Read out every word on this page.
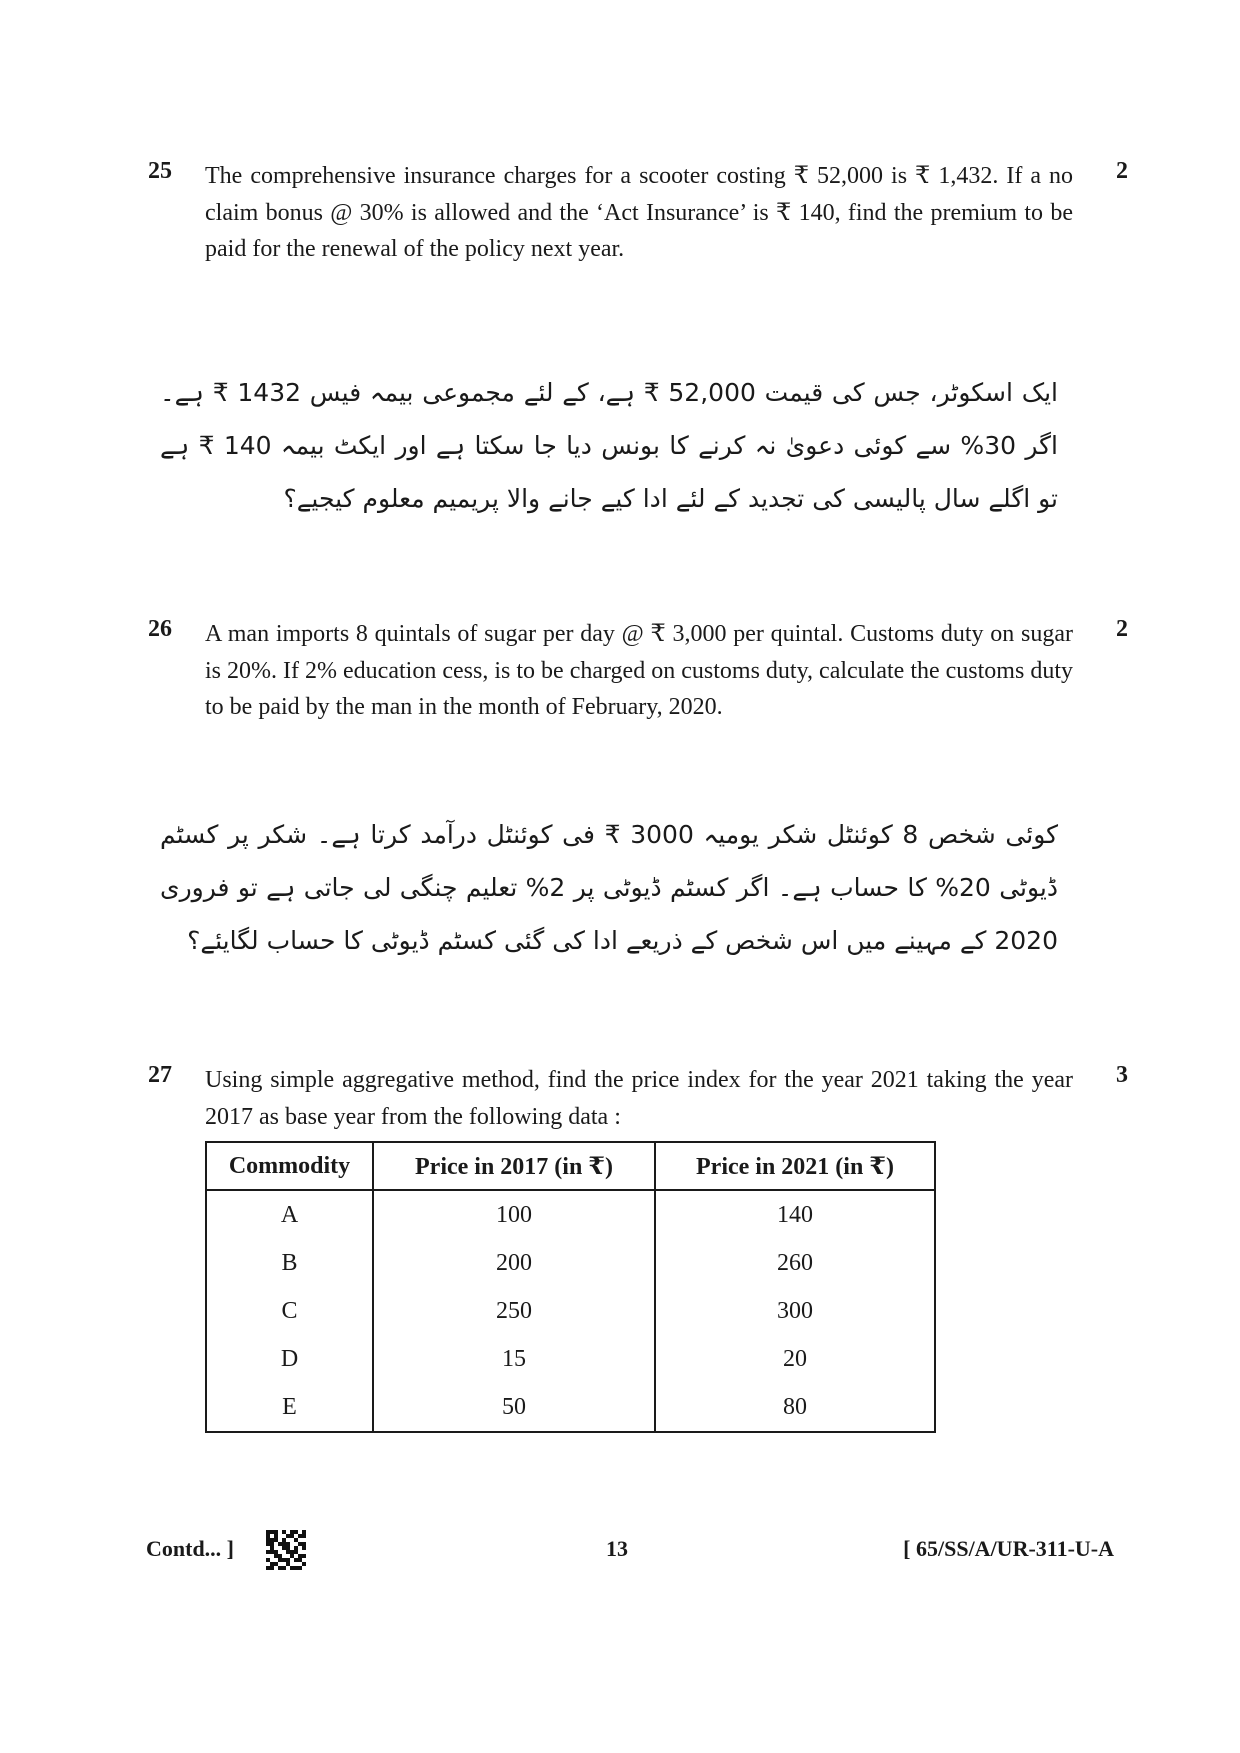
25 The comprehensive insurance charges for a scooter costing ₹ 52,000 is ₹ 1,432. If a no claim bonus @ 30% is allowed and the ‘Act Insurance’ is ₹ 140, find the premium to be paid for the renewal of the policy next year.
2
ایک اسکوٹر، جس کی قیمت 52,000 ₹ ہے، کے لئے مجموعی بیمہ فیس 1432 ₹ ہے۔ اگر 30% سے کوئی دعویٰ نہ کرنے کا بونس دیا جا سکتا ہے اور ایکٹ بیمہ 140 ₹ ہے تو اگلے سال پالیسی کی تجدید کے لئے ادا کیے جانے والا پریمیم معلوم کیجیے؟
26 A man imports 8 quintals of sugar per day @ ₹ 3,000 per quintal. Customs duty on sugar is 20%. If 2% education cess, is to be charged on customs duty, calculate the customs duty to be paid by the man in the month of February, 2020.
2
کوئی شخص 8 کوئنٹل شکر یومیہ 3000 ₹ فی کوئنٹل درآمد کرتا ہے۔ شکر پر کسٹم ڈیوٹی 20% کا حساب ہے۔ اگر کسٹم ڈیوٹی پر 2% تعلیم چنگی لی جاتی ہے تو فروری 2020 کے مہینے میں اس شخص کے ذریعے ادا کی گئی کسٹم ڈیوٹی کا حساب لگایئے؟
27 Using simple aggregative method, find the price index for the year 2021 taking the year 2017 as base year from the following data :
3
Commodity	Price in 2017 (in ₹)	Price in 2021 (in ₹)
A	100	140
B	200	260
C	250	300
D	15	20
E	50	80
Contd... ]	13	[ 65/SS/A/UR-311-U-A
